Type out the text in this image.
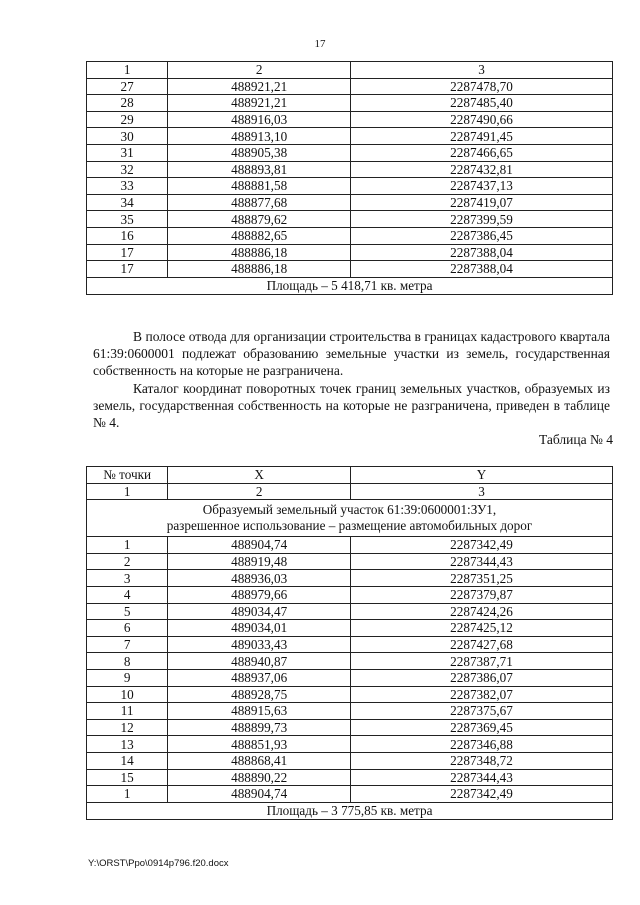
17
1	2	3
27	488921,21	2287478,70
28	488921,21	2287485,40
29	488916,03	2287490,66
30	488913,10	2287491,45
31	488905,38	2287466,65
32	488893,81	2287432,81
33	488881,58	2287437,13
34	488877,68	2287419,07
35	488879,62	2287399,59
16	488882,65	2287386,45
17	488886,18	2287388,04
17	488886,18	2287388,04
Площадь – 5 418,71 кв. метра		

В полосе отвода для организации строительства в границах кадастрового квартала 61:39:0600001 подлежат образованию земельные участки из земель, государственная собственность на которые не разграничена.

Каталог координат поворотных точек границ земельных участков, образуемых из земель, государственная собственность на которые не разграничена, приведен в таблице № 4.

Таблица № 4
№ точки	X	Y
1	2	3
Образуемый земельный участок 61:39:0600001:ЗУ1,
разрешенное использование – размещение автомобильных дорог		
1	488904,74	2287342,49
2	488919,48	2287344,43
3	488936,03	2287351,25
4	488979,66	2287379,87
5	489034,47	2287424,26
6	489034,01	2287425,12
7	489033,43	2287427,68
8	488940,87	2287387,71
9	488937,06	2287386,07
10	488928,75	2287382,07
11	488915,63	2287375,67
12	488899,73	2287369,45
13	488851,93	2287346,88
14	488868,41	2287348,72
15	488890,22	2287344,43
1	488904,74	2287342,49
Площадь – 3 775,85 кв. метра		
Y:\ORST\Ppo\0914p796.f20.docx
